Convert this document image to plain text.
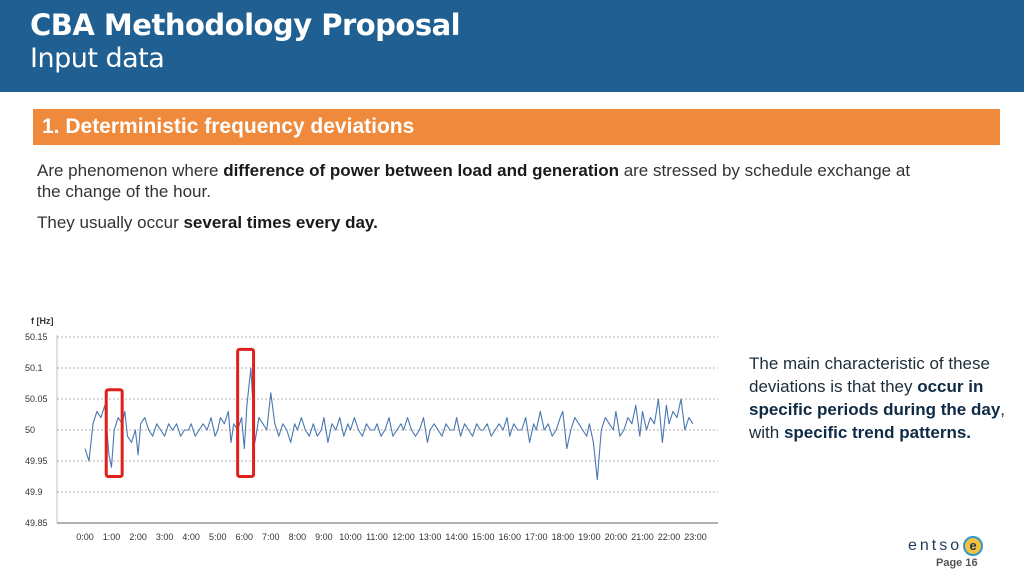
CBA Methodology Proposal
Input data
1. Deterministic frequency deviations
Are phenomenon where difference of power between load and generation are stressed by schedule exchange at the change of the hour.
They usually occur several times every day.
The main characteristic of these deviations is that they occur in specific periods during the day, with specific trend patterns.
f [Hz]
50.15
50.1
50.05
50
49.95
49.9
49.85
0:00 1:00 2:00 3:00 4:00 5:00 6:00 7:00 8:00 9:00 10:00 11:00 12:00 13:00 14:00 15:00 16:00 17:00 18:00 19:00 20:00 21:00 22:00 23:00
entso e
Page 16
